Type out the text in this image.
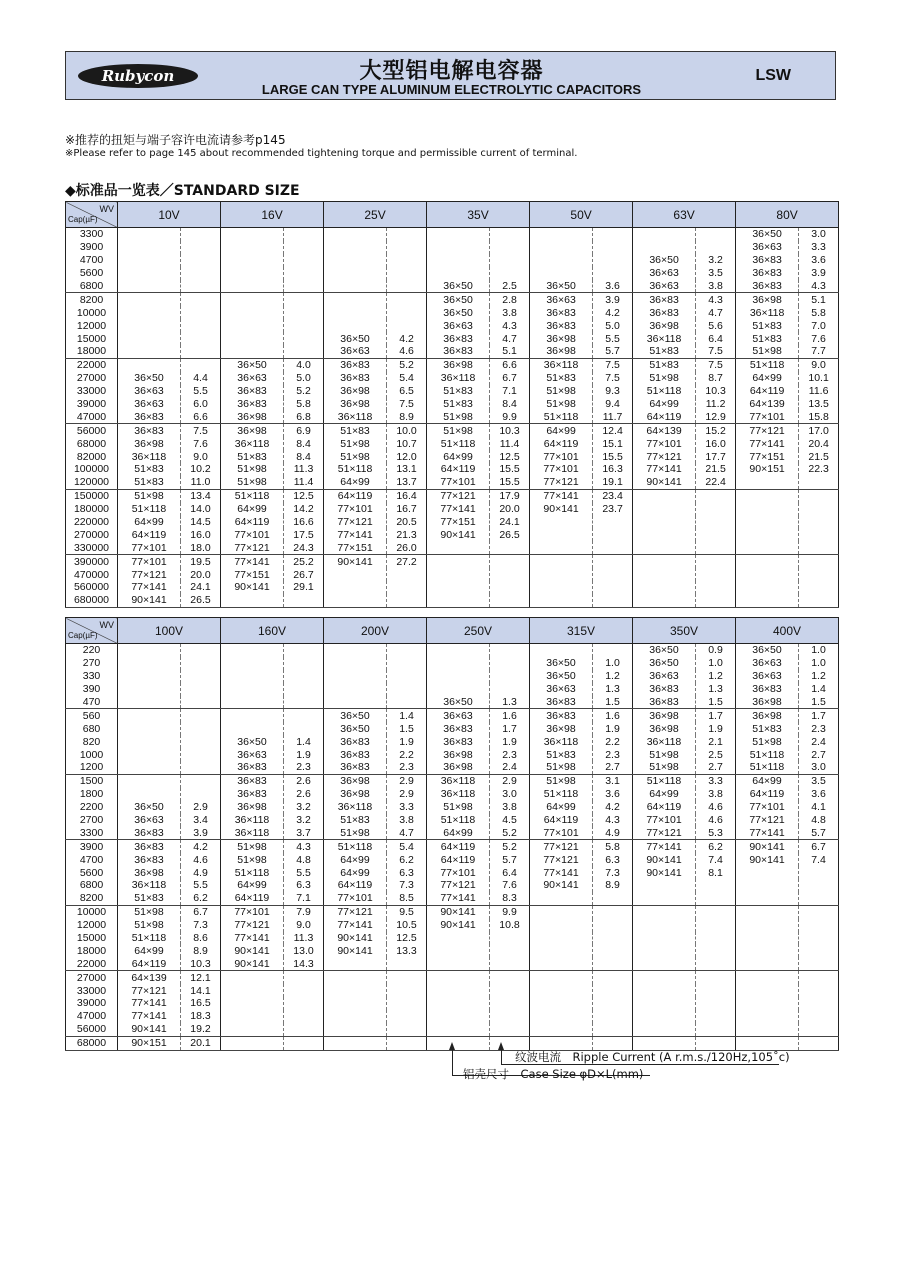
Rubycon	大型铝电解电容器
LARGE CAN TYPE ALUMINUM ELECTROLYTIC CAPACITORS
LSW
※推荐的扭矩与端子容许电流请参考p145
※Please refer to page 145 about recommended tightening torque and permissible current of terminal.
◆标准品一览表／STANDARD SIZE
WV
Cap(µF)	10V		16V		25V		35V		50V		63V		80V	
3300													36×50	3.0
3900													36×63	3.3
4700											36×50	3.2	36×83	3.6
5600											36×63	3.5	36×83	3.9
6800							36×50	2.5	36×50	3.6	36×63	3.8	36×83	4.3
8200							36×50	2.8	36×63	3.9	36×83	4.3	36×98	5.1
10000							36×50	3.8	36×83	4.2	36×83	4.7	36×118	5.8
12000							36×63	4.3	36×83	5.0	36×98	5.6	51×83	7.0
15000					36×50	4.2	36×83	4.7	36×98	5.5	36×118	6.4	51×83	7.6
18000					36×63	4.6	36×83	5.1	36×98	5.7	51×83	7.5	51×98	7.7
22000			36×50	4.0	36×83	5.2	36×98	6.6	36×118	7.5	51×83	7.5	51×118	9.0
27000	36×50	4.4	36×63	5.0	36×83	5.4	36×118	6.7	51×83	7.5	51×98	8.7	64×99	10.1
33000	36×63	5.5	36×83	5.2	36×98	6.5	51×83	7.1	51×98	9.3	51×118	10.3	64×119	11.6
39000	36×63	6.0	36×83	5.8	36×98	7.5	51×83	8.4	51×98	9.4	64×99	11.2	64×139	13.5
47000	36×83	6.6	36×98	6.8	36×118	8.9	51×98	9.9	51×118	11.7	64×119	12.9	77×101	15.8
56000	36×83	7.5	36×98	6.9	51×83	10.0	51×98	10.3	64×99	12.4	64×139	15.2	77×121	17.0
68000	36×98	7.6	36×118	8.4	51×98	10.7	51×118	11.4	64×119	15.1	77×101	16.0	77×141	20.4
82000	36×118	9.0	51×83	8.4	51×98	12.0	64×99	12.5	77×101	15.5	77×121	17.7	77×151	21.5
100000	51×83	10.2	51×98	11.3	51×118	13.1	64×119	15.5	77×101	16.3	77×141	21.5	90×151	22.3
120000	51×83	11.0	51×98	11.4	64×99	13.7	77×101	15.5	77×121	19.1	90×141	22.4		
150000	51×98	13.4	51×118	12.5	64×119	16.4	77×121	17.9	77×141	23.4				
180000	51×118	14.0	64×99	14.2	77×101	16.7	77×141	20.0	90×141	23.7				
220000	64×99	14.5	64×119	16.6	77×121	20.5	77×151	24.1						
270000	64×119	16.0	77×101	17.5	77×141	21.3	90×141	26.5						
330000	77×101	18.0	77×121	24.3	77×151	26.0								
390000	77×101	19.5	77×141	25.2	90×141	27.2								
470000	77×121	20.0	77×151	26.7										
560000	77×141	24.1	90×141	29.1										
680000	90×141	26.5												
WV
Cap(µF)	100V		160V		200V		250V		315V		350V		400V	
220											36×50	0.9	36×50	1.0
270									36×50	1.0	36×50	1.0	36×63	1.0
330									36×50	1.2	36×63	1.2	36×63	1.2
390									36×63	1.3	36×83	1.3	36×83	1.4
470							36×50	1.3	36×83	1.5	36×83	1.5	36×98	1.5
560					36×50	1.4	36×63	1.6	36×83	1.6	36×98	1.7	36×98	1.7
680					36×50	1.5	36×83	1.7	36×98	1.9	36×98	1.9	51×83	2.3
820			36×50	1.4	36×83	1.9	36×83	1.9	36×118	2.2	36×118	2.1	51×98	2.4
1000			36×63	1.9	36×83	2.2	36×98	2.3	51×83	2.3	51×98	2.5	51×118	2.7
1200			36×83	2.3	36×83	2.3	36×98	2.4	51×98	2.7	51×98	2.7	51×118	3.0
1500			36×83	2.6	36×98	2.9	36×118	2.9	51×98	3.1	51×118	3.3	64×99	3.5
1800			36×83	2.6	36×98	2.9	36×118	3.0	51×118	3.6	64×99	3.8	64×119	3.6
2200	36×50	2.9	36×98	3.2	36×118	3.3	51×98	3.8	64×99	4.2	64×119	4.6	77×101	4.1
2700	36×63	3.4	36×118	3.2	51×83	3.8	51×118	4.5	64×119	4.3	77×101	4.6	77×121	4.8
3300	36×83	3.9	36×118	3.7	51×98	4.7	64×99	5.2	77×101	4.9	77×121	5.3	77×141	5.7
3900	36×83	4.2	51×98	4.3	51×118	5.4	64×119	5.2	77×121	5.8	77×141	6.2	90×141	6.7
4700	36×83	4.6	51×98	4.8	64×99	6.2	64×119	5.7	77×121	6.3	90×141	7.4	90×141	7.4
5600	36×98	4.9	51×118	5.5	64×99	6.3	77×101	6.4	77×141	7.3	90×141	8.1		
6800	36×118	5.5	64×99	6.3	64×119	7.3	77×121	7.6	90×141	8.9				
8200	51×83	6.2	64×119	7.1	77×101	8.5	77×141	8.3						
10000	51×98	6.7	77×101	7.9	77×121	9.5	90×141	9.9						
12000	51×98	7.3	77×121	9.0	77×141	10.5	90×141	10.8						
15000	51×118	8.6	77×141	11.3	90×141	12.5								
18000	64×99	8.9	90×141	13.0	90×141	13.3								
22000	64×119	10.3	90×141	14.3										
27000	64×139	12.1												
33000	77×121	14.1												
39000	77×141	16.5												
47000	77×141	18.3												
56000	90×141	19.2												
68000	90×151	20.1												
纹波电流　Ripple Current (A r.m.s./120Hz,105˚c)
铝壳尺寸　Case Size φD×L(mm)
